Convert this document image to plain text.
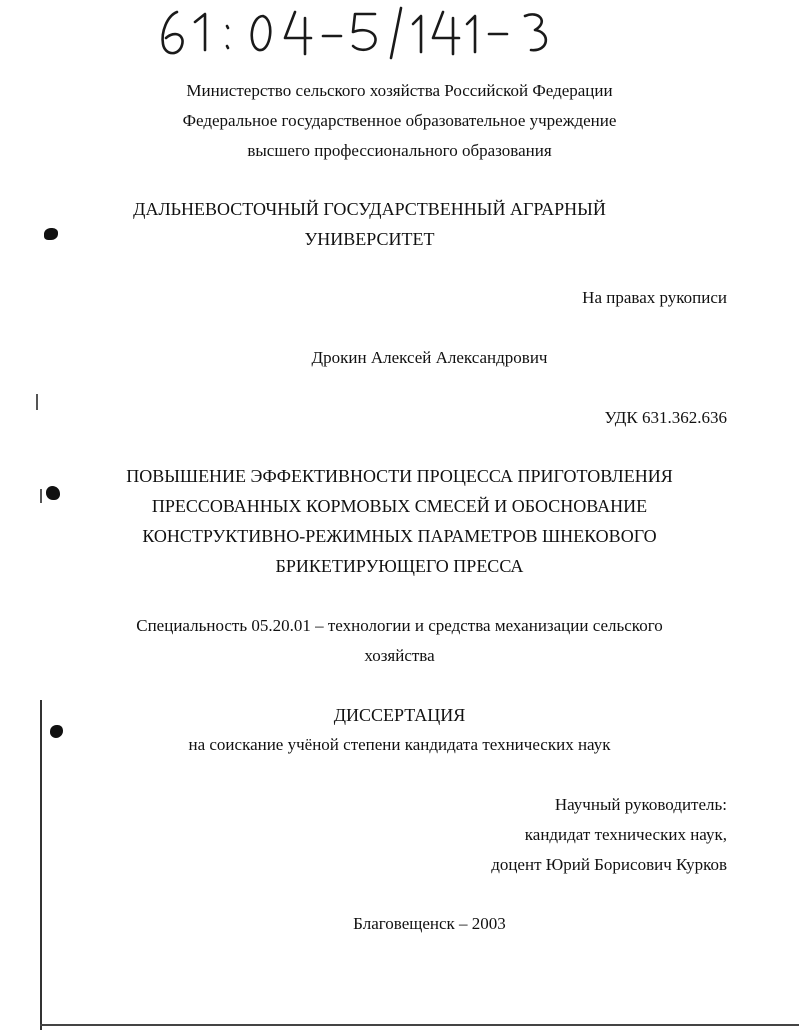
Министерство сельского хозяйства Российской Федерации
Федеральное государственное образовательное учреждение
высшего профессионального образования
ДАЛЬНЕВОСТОЧНЫЙ ГОСУДАРСТВЕННЫЙ АГРАРНЫЙ
УНИВЕРСИТЕТ
На правах рукописи
Дрокин Алексей Александрович
УДК 631.362.636
ПОВЫШЕНИЕ ЭФФЕКТИВНОСТИ ПРОЦЕССА ПРИГОТОВЛЕНИЯ
ПРЕССОВАННЫХ КОРМОВЫХ СМЕСЕЙ И ОБОСНОВАНИЕ
КОНСТРУКТИВНО-РЕЖИМНЫХ ПАРАМЕТРОВ ШНЕКОВОГО
БРИКЕТИРУЮЩЕГО ПРЕССА
Специальность 05.20.01 – технологии и средства механизации сельского
хозяйства
ДИССЕРТАЦИЯ
на соискание учёной степени кандидата технических наук
Научный руководитель:
кандидат технических наук,
доцент Юрий Борисович Курков
Благовещенск – 2003
